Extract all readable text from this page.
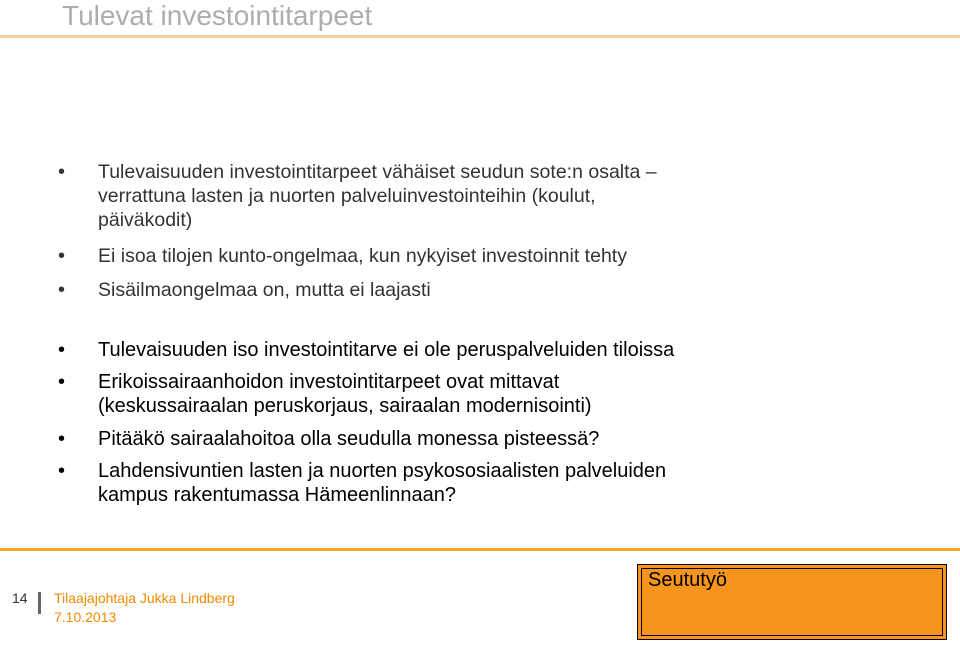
Tulevat investointitarpeet
• Tulevaisuuden investointitarpeet vähäiset seudun sote:n osalta –
verrattuna lasten ja nuorten palveluinvestointeihin (koulut,
päiväkodit)
• Ei isoa tilojen kunto-ongelmaa, kun nykyiset investoinnit tehty
• Sisäilmaongelmaa on, mutta ei laajasti
• Tulevaisuuden iso investointitarve ei ole peruspalveluiden tiloissa
• Erikoissairaanhoidon investointitarpeet ovat mittavat
(keskussairaalan peruskorjaus, sairaalan modernisointi)
• Pitääkö sairaalahoitoa olla seudulla monessa pisteessä?
• Lahdensivuntien lasten ja nuorten psykososiaalisten palveluiden
kampus rakentumassa Hämeenlinnaan?
14 Tilaajajohtaja Jukka Lindberg
7.10.2013
Seututyö
